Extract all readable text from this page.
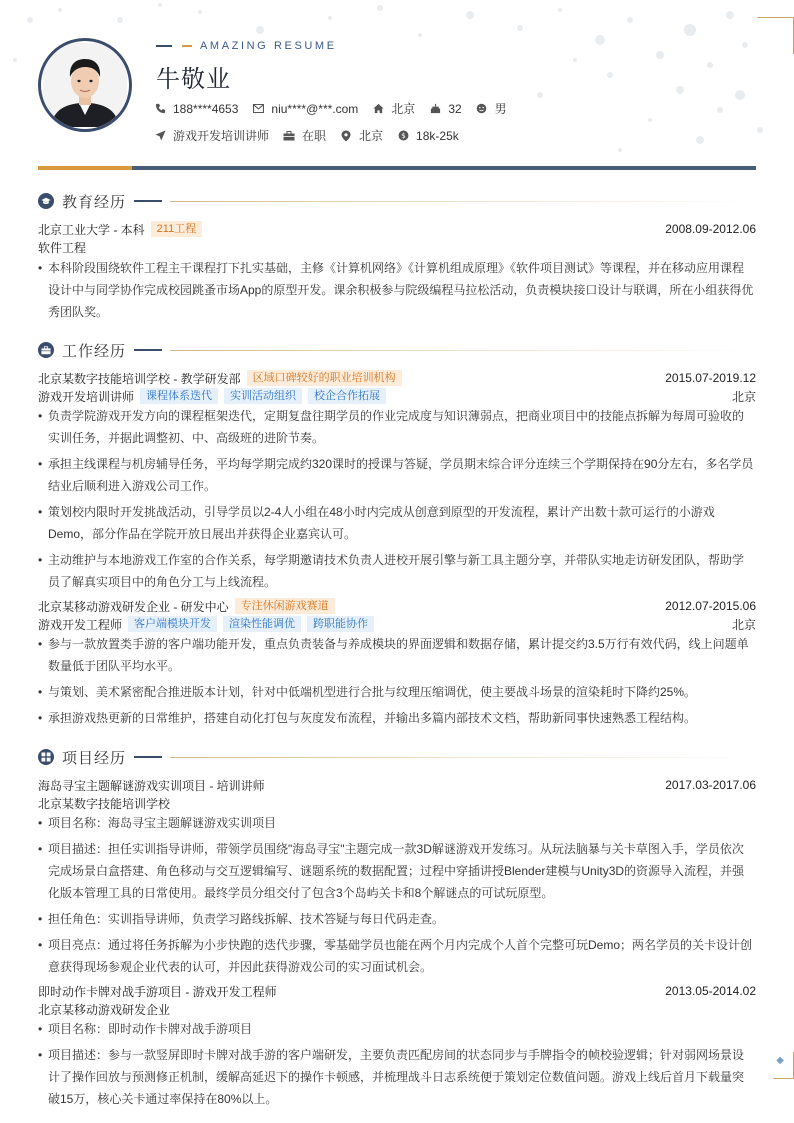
◆
AMAZING RESUME
牛敬业
188****4653	niu****@***.com	北京	32	男
游戏开发培训讲师	在职	北京 $ 18k-25k
教育经历
北京工业大学 - 本科	211工程	2008.09-2012.06
软件工程
• 本科阶段围绕软件工程主干课程打下扎实基础，主修《计算机网络》《计算机组成原理》《软件项目测试》等课程，并在移动应用课程设计中与同学协作完成校园跳蚤市场App的原型开发。课余积极参与院级编程马拉松活动，负责模块接口设计与联调，所在小组获得优秀团队奖。
工作经历
北京某数字技能培训学校 - 教学研发部	区域口碑较好的职业培训机构	2015.07-2019.12
游戏开发培训讲师	课程体系迭代	实训活动组织	校企合作拓展	北京
• 负责学院游戏开发方向的课程框架迭代，定期复盘往期学员的作业完成度与知识薄弱点，把商业项目中的技能点拆解为每周可验收的实训任务，并据此调整初、中、高级班的进阶节奏。
• 承担主线课程与机房辅导任务，平均每学期完成约320课时的授课与答疑，学员期末综合评分连续三个学期保持在90分左右，多名学员结业后顺利进入游戏公司工作。
• 策划校内限时开发挑战活动，引导学员以2-4人小组在48小时内完成从创意到原型的开发流程，累计产出数十款可运行的小游戏Demo，部分作品在学院开放日展出并获得企业嘉宾认可。
• 主动维护与本地游戏工作室的合作关系，每学期邀请技术负责人进校开展引擎与新工具主题分享，并带队实地走访研发团队，帮助学员了解真实项目中的角色分工与上线流程。
北京某移动游戏研发企业 - 研发中心	专注休闲游戏赛道	2012.07-2015.06
游戏开发工程师	客户端模块开发	渲染性能调优	跨职能协作	北京
• 参与一款放置类手游的客户端功能开发，重点负责装备与养成模块的界面逻辑和数据存储，累计提交约3.5万行有效代码，线上问题单数量低于团队平均水平。
• 与策划、美术紧密配合推进版本计划，针对中低端机型进行合批与纹理压缩调优，使主要战斗场景的渲染耗时下降约25%。
• 承担游戏热更新的日常维护，搭建自动化打包与灰度发布流程，并输出多篇内部技术文档，帮助新同事快速熟悉工程结构。
项目经历
海岛寻宝主题解谜游戏实训项目 - 培训讲师	2017.03-2017.06
北京某数字技能培训学校
• 项目名称：海岛寻宝主题解谜游戏实训项目
• 项目描述：担任实训指导讲师，带领学员围绕"海岛寻宝"主题完成一款3D解谜游戏开发练习。从玩法脑暴与关卡草图入手，学员依次完成场景白盒搭建、角色移动与交互逻辑编写、谜题系统的数据配置；过程中穿插讲授Blender建模与Unity3D的资源导入流程，并强化版本管理工具的日常使用。最终学员分组交付了包含3个岛屿关卡和8个解谜点的可试玩原型。
• 担任角色：实训指导讲师，负责学习路线拆解、技术答疑与每日代码走查。
• 项目亮点：通过将任务拆解为小步快跑的迭代步骤，零基础学员也能在两个月内完成个人首个完整可玩Demo；两名学员的关卡设计创意获得现场参观企业代表的认可，并因此获得游戏公司的实习面试机会。
即时动作卡牌对战手游项目 - 游戏开发工程师	2013.05-2014.02
北京某移动游戏研发企业
• 项目名称：即时动作卡牌对战手游项目
• 项目描述：参与一款竖屏即时卡牌对战手游的客户端研发，主要负责匹配房间的状态同步与手牌指令的帧校验逻辑；针对弱网场景设计了操作回放与预测修正机制，缓解高延迟下的操作卡顿感，并梳理战斗日志系统便于策划定位数值问题。游戏上线后首月下载量突破15万，核心关卡通过率保持在80%以上。
